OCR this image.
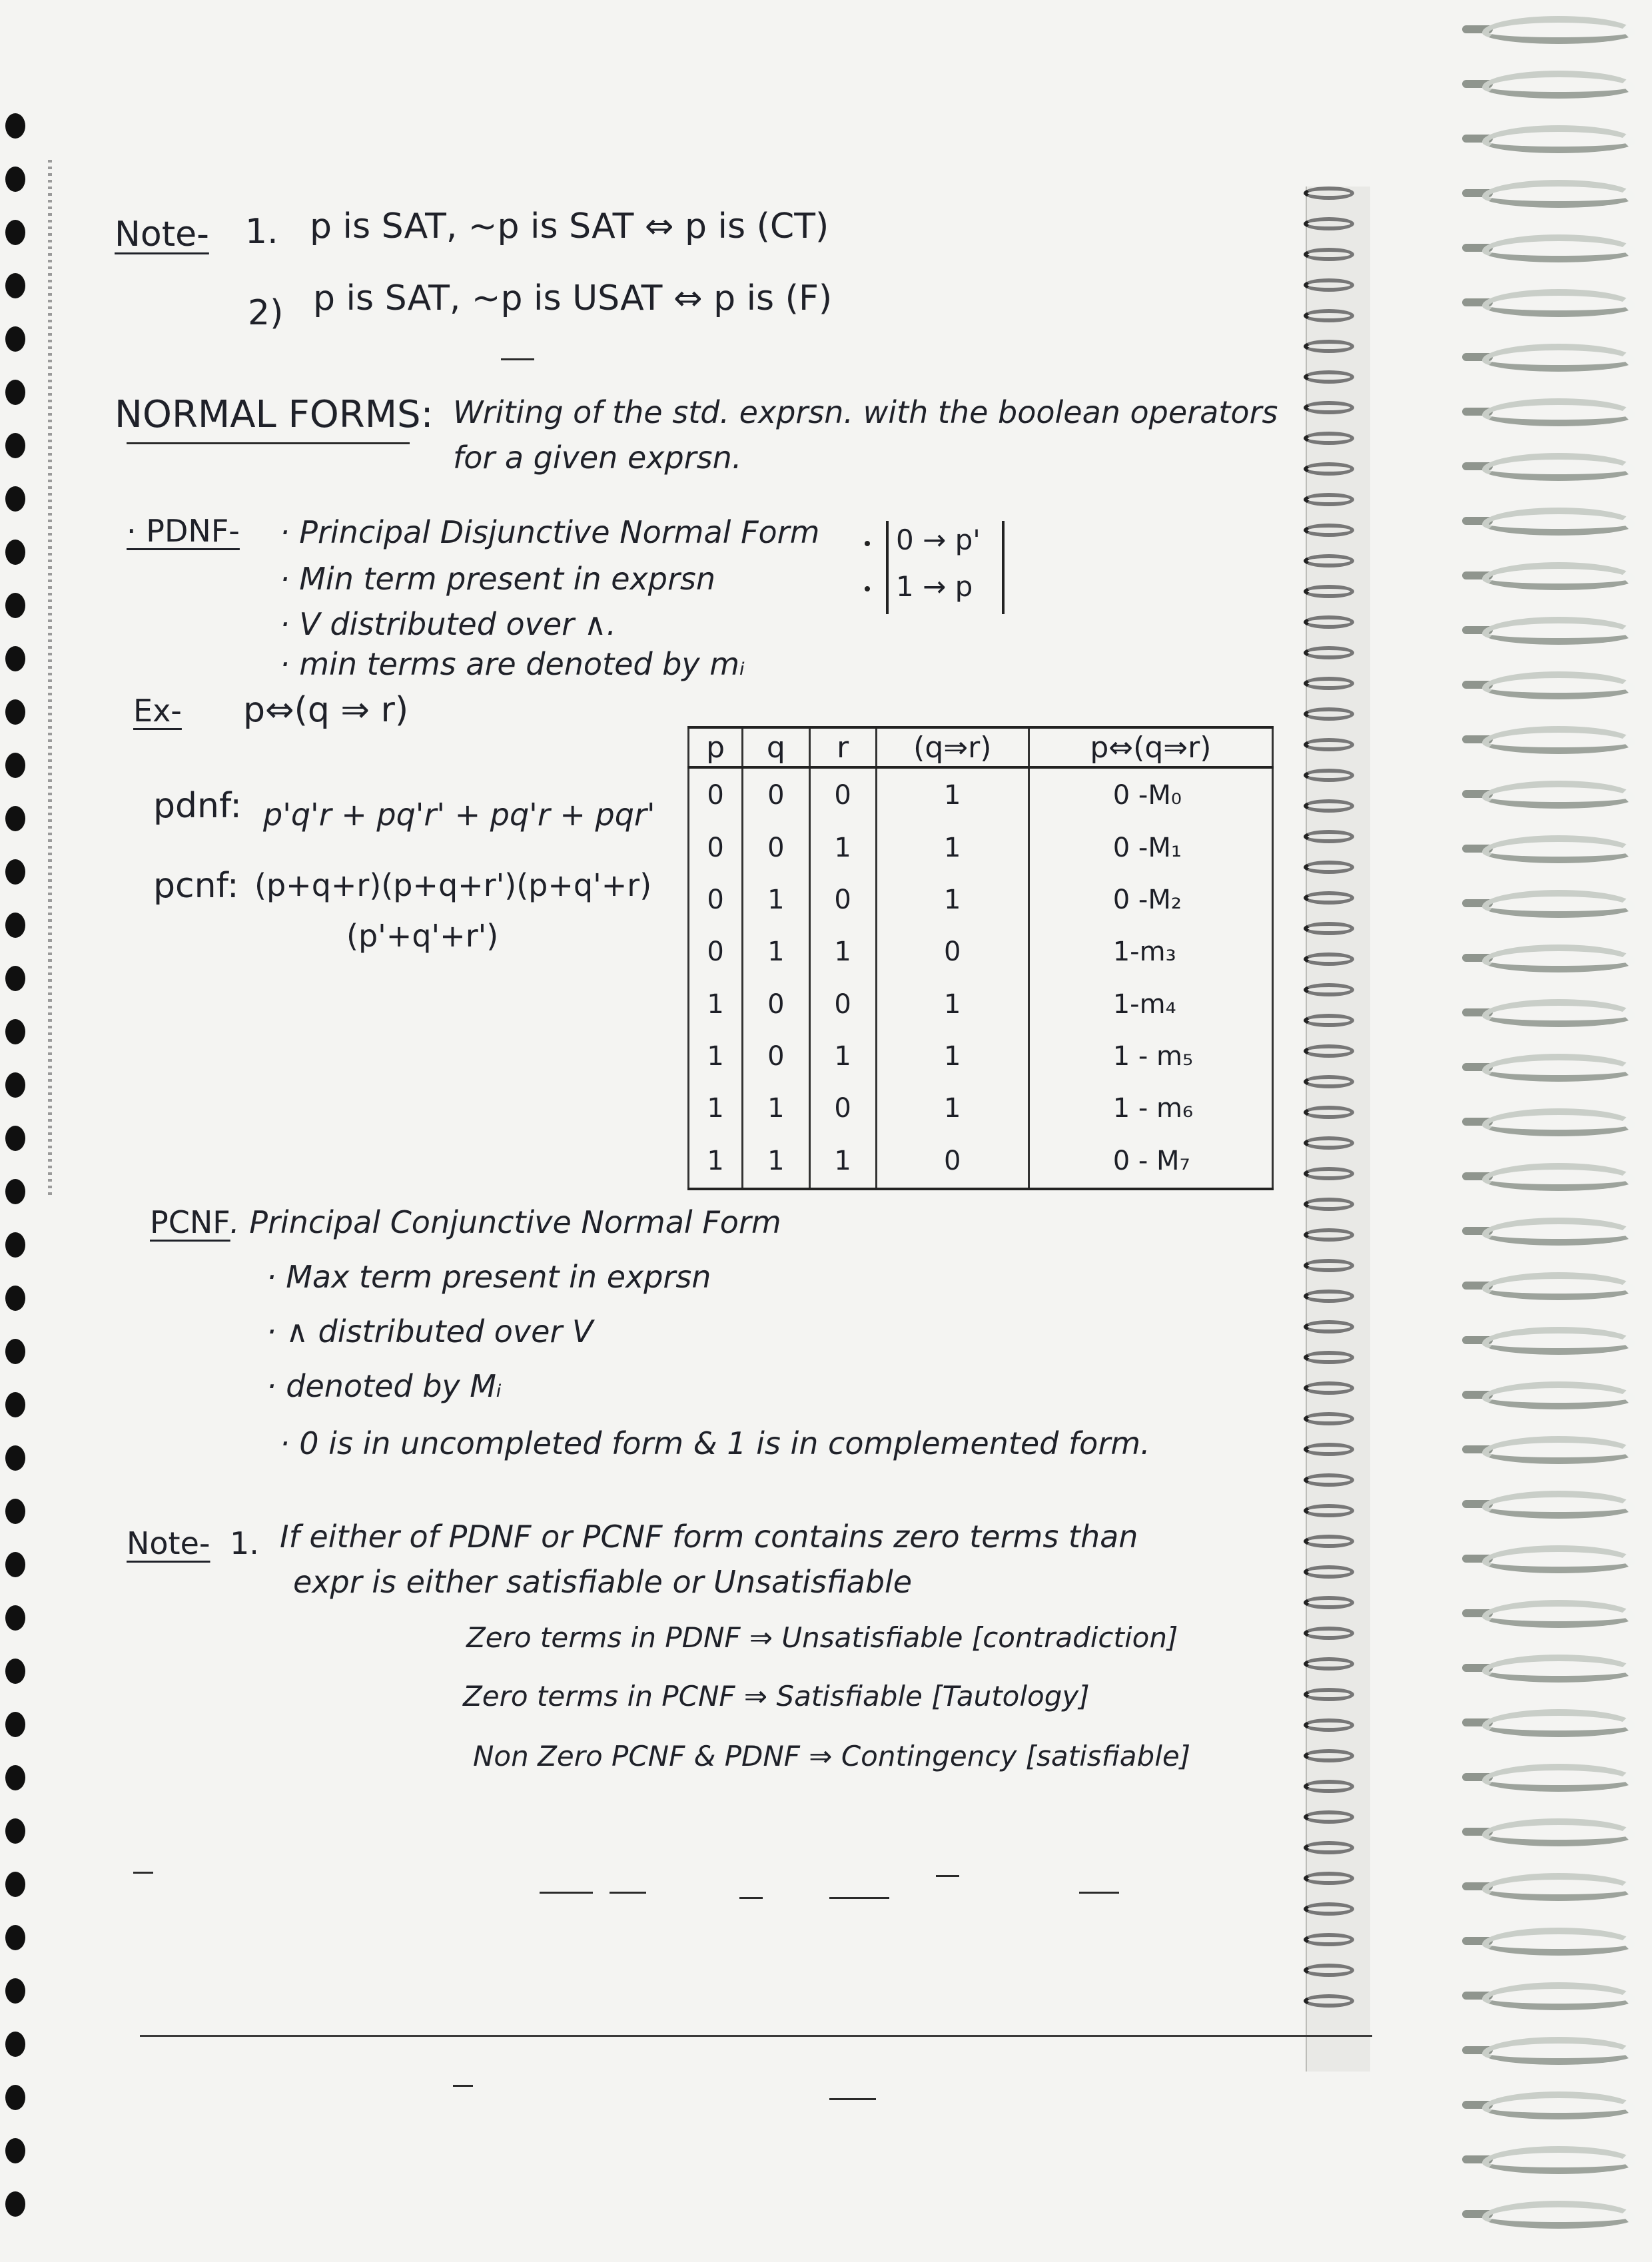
Note- 1. p is SAT, ~p is SAT ⇔ p is (CT)
2) p is SAT, ~p is USAT ⇔ p is (F)
NORMAL FORMS: Writing of the std. exprsn. with the boolean operators
for a given exprsn.
· PDNF- · Principal Disjunctive Normal Form
· Min term present in exprsn
· V distributed over ∧.
· min terms are denoted by mᵢ
0 → p'
1 → p
Ex- p⇔(q ⇒ r)
pdnf: p'q'r + pq'r' + pq'r + pqr'
pcnf: (p+q+r)(p+q+r')(p+q'+r)
(p'+q'+r')
p	q	r	(q⇒r)	p⇔(q⇒r)
0	0	0	1	0 -M₀
0	0	1	1	0 -M₁
0	1	0	1	0 -M₂
0	1	1	0	1-m₃
1	0	0	1	1-m₄
1	0	1	1	1 - m₅
1	1	0	1	1 - m₆
1	1	1	0	0 - M₇
PCNF . Principal Conjunctive Normal Form
· Max term present in exprsn
· ∧ distributed over V
· denoted by Mᵢ
· 0 is in uncompleted form & 1 is in complemented form.
Note- 1. If either of PDNF or PCNF form contains zero terms than
expr is either satisfiable or Unsatisfiable
Zero terms in PDNF ⇒ Unsatisfiable [contradiction]
Zero terms in PCNF ⇒ Satisfiable [Tautology]
Non Zero PCNF & PDNF ⇒ Contingency [satisfiable]
